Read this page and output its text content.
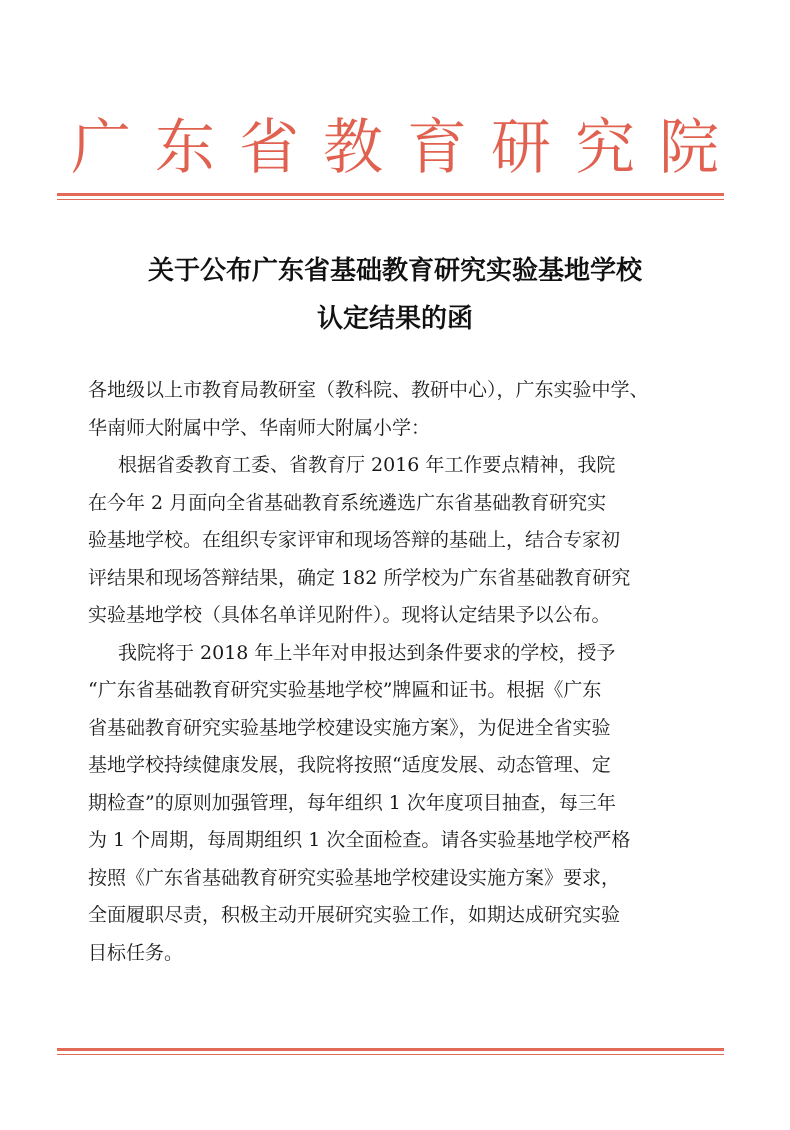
广东省教育研究院
关于公布广东省基础教育研究实验基地学校
认定结果的函

各地级以上市教育局教研室（教科院、教研中心），广东实验中学、

华南师大附属中学、华南师大附属小学：

根据省委教育工委、省教育厅 2016 年工作要点精神，我院

在今年 2 月面向全省基础教育系统遴选广东省基础教育研究实

验基地学校。在组织专家评审和现场答辩的基础上，结合专家初

评结果和现场答辩结果，确定 182 所学校为广东省基础教育研究

实验基地学校（具体名单详见附件）。现将认定结果予以公布。

我院将于 2018 年上半年对申报达到条件要求的学校，授予

“广东省基础教育研究实验基地学校”牌匾和证书。根据《广东

省基础教育研究实验基地学校建设实施方案》，为促进全省实验

基地学校持续健康发展，我院将按照“适度发展、动态管理、定

期检查”的原则加强管理，每年组织 1 次年度项目抽查，每三年

为 1 个周期，每周期组织 1 次全面检查。请各实验基地学校严格

按照《广东省基础教育研究实验基地学校建设实施方案》要求，

全面履职尽责，积极主动开展研究实验工作，如期达成研究实验

目标任务。
